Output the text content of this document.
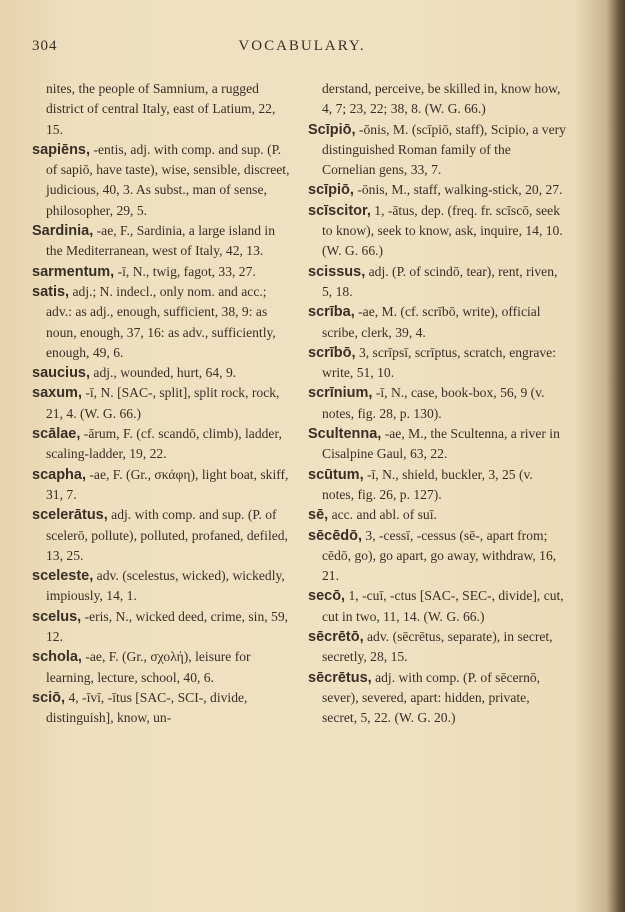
304	VOCABULARY.
nites, the people of Samnium, a rugged district of central Italy, east of Latium, 22, 15.
sapiēns, -entis, adj. with comp. and sup. (P. of sapiō, have taste), wise, sensible, discreet, judicious, 40, 3. As subst., man of sense, philosopher, 29, 5.
Sardinia, -ae, F., Sardinia, a large island in the Mediterranean, west of Italy, 42, 13.
sarmentum, -ī, N., twig, fagot, 33, 27.
satis, adj.; N. indecl., only nom. and acc.; adv.: as adj., enough, sufficient, 38, 9: as noun, enough, 37, 16: as adv., sufficiently, enough, 49, 6.
saucius, adj., wounded, hurt, 64, 9.
saxum, -ī, N. [SAC-, split], split rock, rock, 21, 4. (W. G. 66.)
scālae, -ārum, F. (cf. scandō, climb), ladder, scaling-ladder, 19, 22.
scapha, -ae, F. (Gr., σκάφη), light boat, skiff, 31, 7.
scelerātus, adj. with comp. and sup. (P. of scelerō, pollute), polluted, profaned, defiled, 13, 25.
sceleste, adv. (scelestus, wicked), wickedly, impiously, 14, 1.
scelus, -eris, N., wicked deed, crime, sin, 59, 12.
schola, -ae, F. (Gr., σχολή), leisure for learning, lecture, school, 40, 6.
sciō, 4, -īvī, -ītus [SAC-, SCI-, divide, distinguish], know, un-
derstand, perceive, be skilled in, know how, 4, 7; 23, 22; 38, 8. (W. G. 66.)
Scīpiō, -ōnis, M. (scīpiō, staff), Scipio, a very distinguished Roman family of the Cornelian gens, 33, 7.
scīpiō, -ōnis, M., staff, walking-stick, 20, 27.
scīscitor, 1, -ātus, dep. (freq. fr. scīscō, seek to know), seek to know, ask, inquire, 14, 10. (W. G. 66.)
scissus, adj. (P. of scindō, tear), rent, riven, 5, 18.
scrība, -ae, M. (cf. scrībō, write), official scribe, clerk, 39, 4.
scrībō, 3, scrīpsī, scrīptus, scratch, engrave: write, 51, 10.
scrīnium, -ī, N., case, book-box, 56, 9 (v. notes, fig. 28, p. 130).
Scultenna, -ae, M., the Scultenna, a river in Cisalpine Gaul, 63, 22.
scūtum, -ī, N., shield, buckler, 3, 25 (v. notes, fig. 26, p. 127).
sē, acc. and abl. of suī.
sēcēdō, 3, -cessī, -cessus (sē-, apart from; cēdō, go), go apart, go away, withdraw, 16, 21.
secō, 1, -cuī, -ctus [SAC-, SEC-, divide], cut, cut in two, 11, 14. (W. G. 66.)
sēcrētō, adv. (sēcrētus, separate), in secret, secretly, 28, 15.
sēcrētus, adj. with comp. (P. of sēcernō, sever), severed, apart: hidden, private, secret, 5, 22. (W. G. 20.)
